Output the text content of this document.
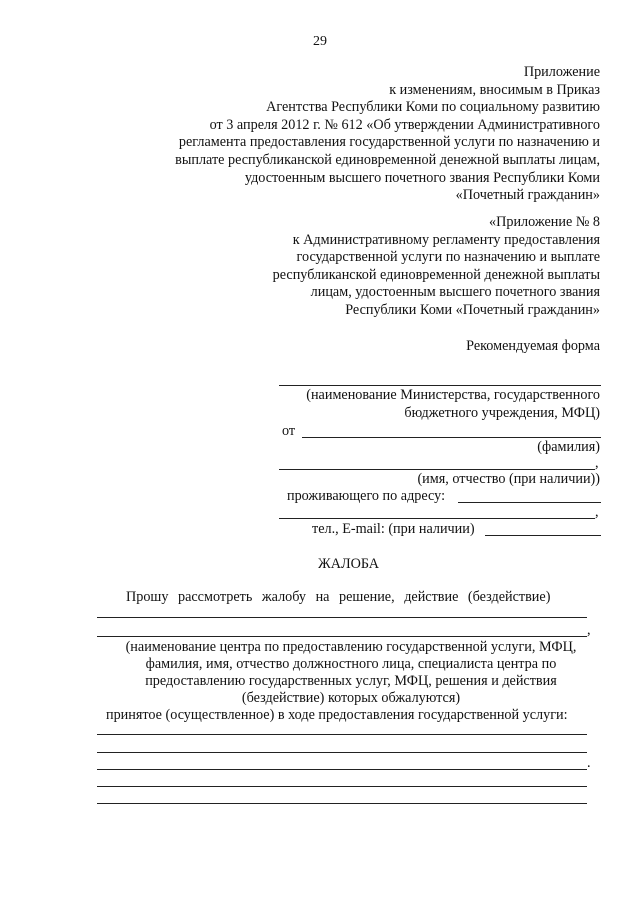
29
Приложение
к изменениям, вносимым в Приказ
Агентства Республики Коми по социальному развитию
от 3 апреля 2012 г. № 612 «Об утверждении Административного
регламента предоставления государственной услуги по назначению и
выплате республиканской единовременной денежной выплаты лицам,
удостоенным высшего почетного звания Республики Коми
«Почетный гражданин»
«Приложение № 8
к Административному регламенту предоставления
государственной услуги по назначению и выплате
республиканской единовременной денежной выплаты
лицам, удостоенным высшего почетного звания
Республики Коми «Почетный гражданин»
Рекомендуемая форма
(наименование Министерства, государственного
бюджетного учреждения, МФЦ)
от
(фамилия)
,
(имя, отчество (при наличии))
проживающего по адресу:
,
тел., E-mail: (при наличии)
ЖАЛОБА
Прошу рассмотреть жалобу на решение, действие (бездействие)
,
(наименование центра по предоставлению государственной услуги, МФЦ,
фамилия, имя, отчество должностного лица, специалиста центра по
предоставлению государственных услуг, МФЦ, решения и действия
(бездействие) которых обжалуются)
принятое (осуществленное) в ходе предоставления государственной услуги:
.
